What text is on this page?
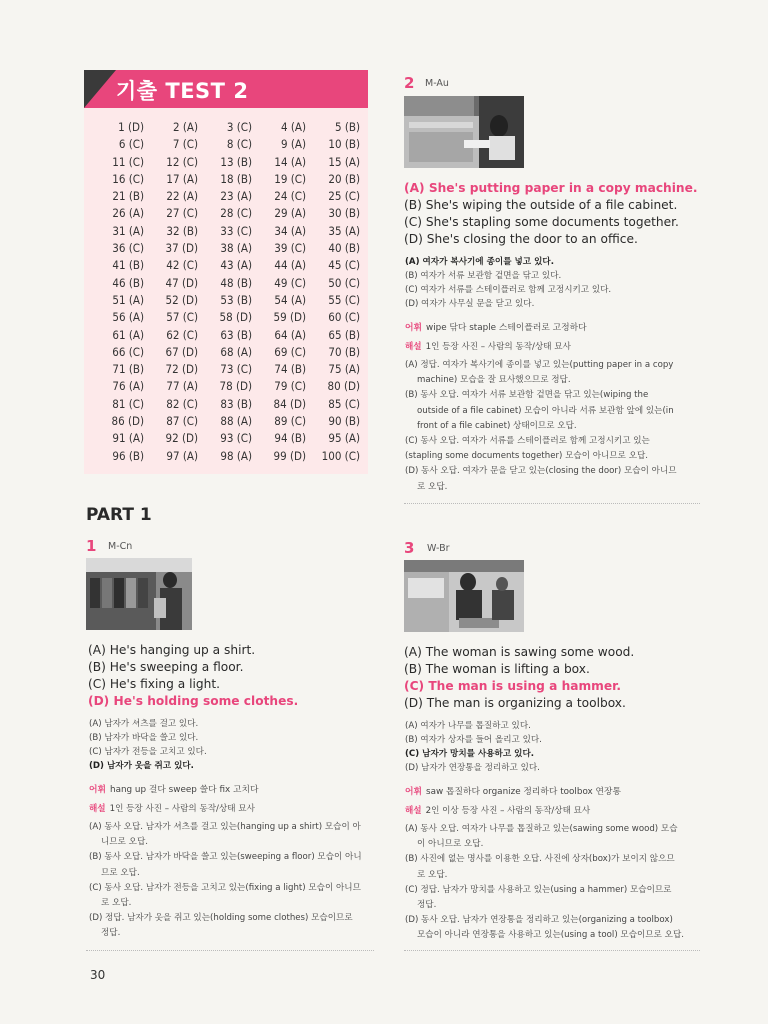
기출 TEST 2
1 (D)	2 (A)	3 (C)	4 (A)	5 (B)
6 (C)	7 (C)	8 (C)	9 (A)	10 (B)
11 (C)	12 (C)	13 (B)	14 (A)	15 (A)
16 (C)	17 (A)	18 (B)	19 (C)	20 (B)
21 (B)	22 (A)	23 (A)	24 (C)	25 (C)
26 (A)	27 (C)	28 (C)	29 (A)	30 (B)
31 (A)	32 (B)	33 (C)	34 (A)	35 (A)
36 (C)	37 (D)	38 (A)	39 (C)	40 (B)
41 (B)	42 (C)	43 (A)	44 (A)	45 (C)
46 (B)	47 (D)	48 (B)	49 (C)	50 (C)
51 (A)	52 (D)	53 (B)	54 (A)	55 (C)
56 (A)	57 (C)	58 (D)	59 (D)	60 (C)
61 (A)	62 (C)	63 (B)	64 (A)	65 (B)
66 (C)	67 (D)	68 (A)	69 (C)	70 (B)
71 (B)	72 (D)	73 (C)	74 (B)	75 (A)
76 (A)	77 (A)	78 (D)	79 (C)	80 (D)
81 (C)	82 (C)	83 (B)	84 (D)	85 (C)
86 (D)	87 (C)	88 (A)	89 (C)	90 (B)
91 (A)	92 (D)	93 (C)	94 (B)	95 (A)
96 (B)	97 (A)	98 (A)	99 (D)	100 (C)
2 M-Au
(A) She's putting paper in a copy machine.
(B) She's wiping the outside of a file cabinet.
(C) She's stapling some documents together.
(D) She's closing the door to an office.
(A) 여자가 복사기에 종이를 넣고 있다.
(B) 여자가 서류 보관함 겉면을 닦고 있다.
(C) 여자가 서류를 스테이플러로 함께 고정시키고 있다.
(D) 여자가 사무실 문을 닫고 있다.
어휘 wipe 닦다 staple 스테이플러로 고정하다
해설 1인 등장 사진 – 사람의 동작/상태 묘사
(A) 정답. 여자가 복사기에 종이를 넣고 있는(putting paper in a copy
machine) 모습을 잘 묘사했으므로 정답.
(B) 동사 오답. 여자가 서류 보관함 겉면을 닦고 있는(wiping the
outside of a file cabinet) 모습이 아니라 서류 보관함 앞에 있는(in
front of a file cabinet) 상태이므로 오답.
(C) 동사 오답. 여자가 서류를 스테이플러로 함께 고정시키고 있는
(stapling some documents together) 모습이 아니므로 오답.
(D) 동사 오답. 여자가 문을 닫고 있는(closing the door) 모습이 아니므
로 오답.
PART 1
1 M-Cn
(A) He's hanging up a shirt.
(B) He's sweeping a floor.
(C) He's fixing a light.
(D) He's holding some clothes.
(A) 남자가 셔츠를 걸고 있다.
(B) 남자가 바닥을 쓸고 있다.
(C) 남자가 전등을 고치고 있다.
(D) 남자가 옷을 쥐고 있다.
어휘 hang up 걸다 sweep 쓸다 fix 고치다
해설 1인 등장 사진 – 사람의 동작/상태 묘사
(A) 동사 오답. 남자가 셔츠를 걸고 있는(hanging up a shirt) 모습이 아
니므로 오답.
(B) 동사 오답. 남자가 바닥을 쓸고 있는(sweeping a floor) 모습이 아니
므로 오답.
(C) 동사 오답. 남자가 전등을 고치고 있는(fixing a light) 모습이 아니므
로 오답.
(D) 정답. 남자가 옷을 쥐고 있는(holding some clothes) 모습이므로
정답.
3 W-Br
(A) The woman is sawing some wood.
(B) The woman is lifting a box.
(C) The man is using a hammer.
(D) The man is organizing a toolbox.
(A) 여자가 나무를 톱질하고 있다.
(B) 여자가 상자를 들어 올리고 있다.
(C) 남자가 망치를 사용하고 있다.
(D) 남자가 연장통을 정리하고 있다.
어휘 saw 톱질하다 organize 정리하다 toolbox 연장통
해설 2인 이상 등장 사진 – 사람의 동작/상태 묘사
(A) 동사 오답. 여자가 나무를 톱질하고 있는(sawing some wood) 모습
이 아니므로 오답.
(B) 사진에 없는 명사를 이용한 오답. 사진에 상자(box)가 보이지 않으므
로 오답.
(C) 정답. 남자가 망치를 사용하고 있는(using a hammer) 모습이므로
정답.
(D) 동사 오답. 남자가 연장통을 정리하고 있는(organizing a toolbox)
모습이 아니라 연장통을 사용하고 있는(using a tool) 모습이므로 오답.
30
